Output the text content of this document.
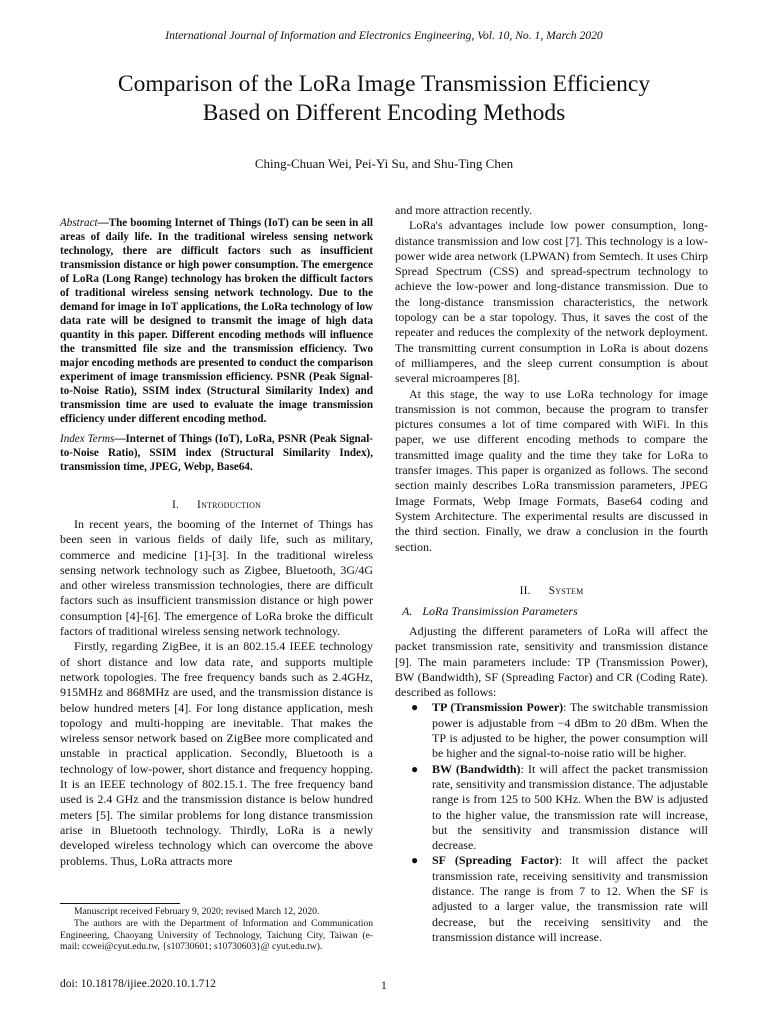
International Journal of Information and Electronics Engineering, Vol. 10, No. 1, March 2020
Comparison of the LoRa Image Transmission Efficiency
Based on Different Encoding Methods
Ching-Chuan Wei, Pei-Yi Su, and Shu-Ting Chen
Abstract—The booming Internet of Things (IoT) can be seen in all areas of daily life. In the traditional wireless sensing network technology, there are difficult factors such as insufficient transmission distance or high power consumption. The emergence of LoRa (Long Range) technology has broken the difficult factors of traditional wireless sensing network technology. Due to the demand for image in IoT applications, the LoRa technology of low data rate will be designed to transmit the image of high data quantity in this paper. Different encoding methods will influence the transmitted file size and the transmission efficiency. Two major encoding methods are presented to conduct the comparison experiment of image transmission efficiency. PSNR (Peak Signal-to-Noise Ratio), SSIM index (Structural Similarity Index) and transmission time are used to evaluate the image transmission efficiency under different encoding method.
Index Terms—Internet of Things (IoT), LoRa, PSNR (Peak Signal-to-Noise Ratio), SSIM index (Structural Similarity Index), transmission time, JPEG, Webp, Base64.
I. Introduction

In recent years, the booming of the Internet of Things has been seen in various fields of daily life, such as military, commerce and medicine [1]-[3]. In the traditional wireless sensing network technology such as Zigbee, Bluetooth, 3G/4G and other wireless transmission technologies, there are difficult factors such as insufficient transmission distance or high power consumption [4]-[6]. The emergence of LoRa broke the difficult factors of traditional wireless sensing network technology.

Firstly, regarding ZigBee, it is an 802.15.4 IEEE technology of short distance and low data rate, and supports multiple network topologies. The free frequency bands such as 2.4GHz, 915MHz and 868MHz are used, and the transmission distance is below hundred meters [4]. For long distance application, mesh topology and multi-hopping are inevitable. That makes the wireless sensor network based on ZigBee more complicated and unstable in practical application. Secondly, Bluetooth is a technology of low-power, short distance and frequency hopping. It is an IEEE technology of 802.15.1. The free frequency band used is 2.4 GHz and the transmission distance is below hundred meters [5]. The similar problems for long distance transmission arise in Bluetooth technology. Thirdly, LoRa is a newly developed wireless technology which can overcome the above problems. Thus, LoRa attracts more

and more attraction recently.

LoRa's advantages include low power consumption, long-distance transmission and low cost [7]. This technology is a low-power wide area network (LPWAN) from Semtech. It uses Chirp Spread Spectrum (CSS) and spread-spectrum technology to achieve the low-power and long-distance transmission. Due to the long-distance transmission characteristics, the network topology can be a star topology. Thus, it saves the cost of the repeater and reduces the complexity of the network deployment. The transmitting current consumption in LoRa is about dozens of milliamperes, and the sleep current consumption is about several microamperes [8].

At this stage, the way to use LoRa technology for image transmission is not common, because the program to transfer pictures consumes a lot of time compared with WiFi. In this paper, we use different encoding methods to compare the transmitted image quality and the time they take for LoRa to transfer images. This paper is organized as follows. The second section mainly describes LoRa transmission parameters, JPEG Image Formats, Webp Image Formats, Base64 coding and System Architecture. The experimental results are discussed in the third section. Finally, we draw a conclusion in the fourth section.

II. System
A. LoRa Transimission Parameters

Adjusting the different parameters of LoRa will affect the packet transmission rate, sensitivity and transmission distance [9]. The main parameters include: TP (Transmission Power), BW (Bandwidth), SF (Spreading Factor) and CR (Coding Rate). described as follows:

● TP (Transmission Power): The switchable transmission power is adjustable from −4 dBm to 20 dBm. When the TP is adjusted to be higher, the power consumption will be higher and the signal-to-noise ratio will be higher.
● BW (Bandwidth): It will affect the packet transmission rate, sensitivity and transmission distance. The adjustable range is from 125 to 500 KHz. When the BW is adjusted to the higher value, the transmission rate will increase, but the sensitivity and transmission distance will decrease.
● SF (Spreading Factor): It will affect the packet transmission rate, receiving sensitivity and transmission distance. The range is from 7 to 12. When the SF is adjusted to a larger value, the transmission rate will decrease, but the receiving sensitivity and the transmission distance will increase.

Manuscript received February 9, 2020; revised March 12, 2020.

The authors are with the Department of Information and Communication Engineering, Chaoyang University of Technology, Taichung City, Taiwan (e-mail: ccwei@cyut.edu.tw, {s10730601; s10730603}@ cyut.edu.tw).

doi: 10.18178/ijiee.2020.10.1.712	1
